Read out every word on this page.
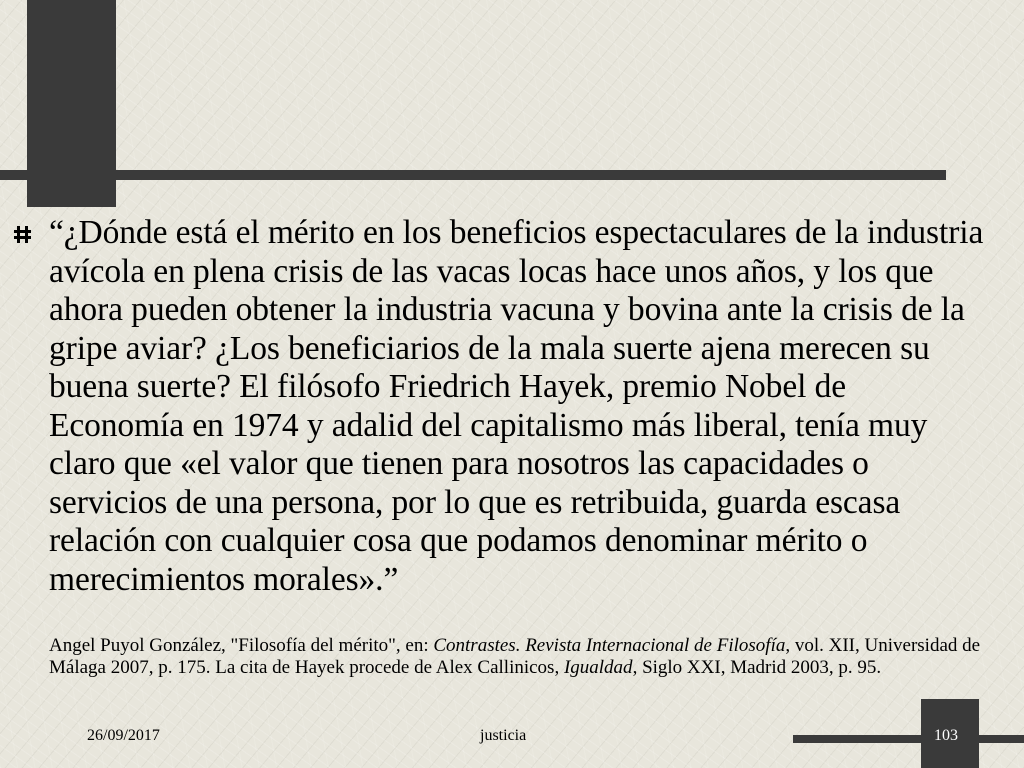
“¿Dónde está el mérito en los beneficios espectaculares de la industria avícola en plena crisis de las vacas locas hace unos años, y los que ahora pueden obtener la industria vacuna y bovina ante la crisis de la gripe aviar? ¿Los beneficiarios de la mala suerte ajena merecen su buena suerte? El filósofo Friedrich Hayek, premio Nobel de Economía en 1974 y adalid del capitalismo más liberal, tenía muy claro que «el valor que tienen para nosotros las capacidades o servicios de una persona, por lo que es retribuida, guarda escasa relación con cualquier cosa que podamos denominar mérito o merecimientos morales».”

Angel Puyol González, "Filosofía del mérito", en: Contrastes. Revista Internacional de Filosofía, vol. XII, Universidad de Málaga 2007, p. 175. La cita de Hayek procede de Alex Callinicos, Igualdad, Siglo XXI, Madrid 2003, p. 95.

26/09/2017	justicia	103
